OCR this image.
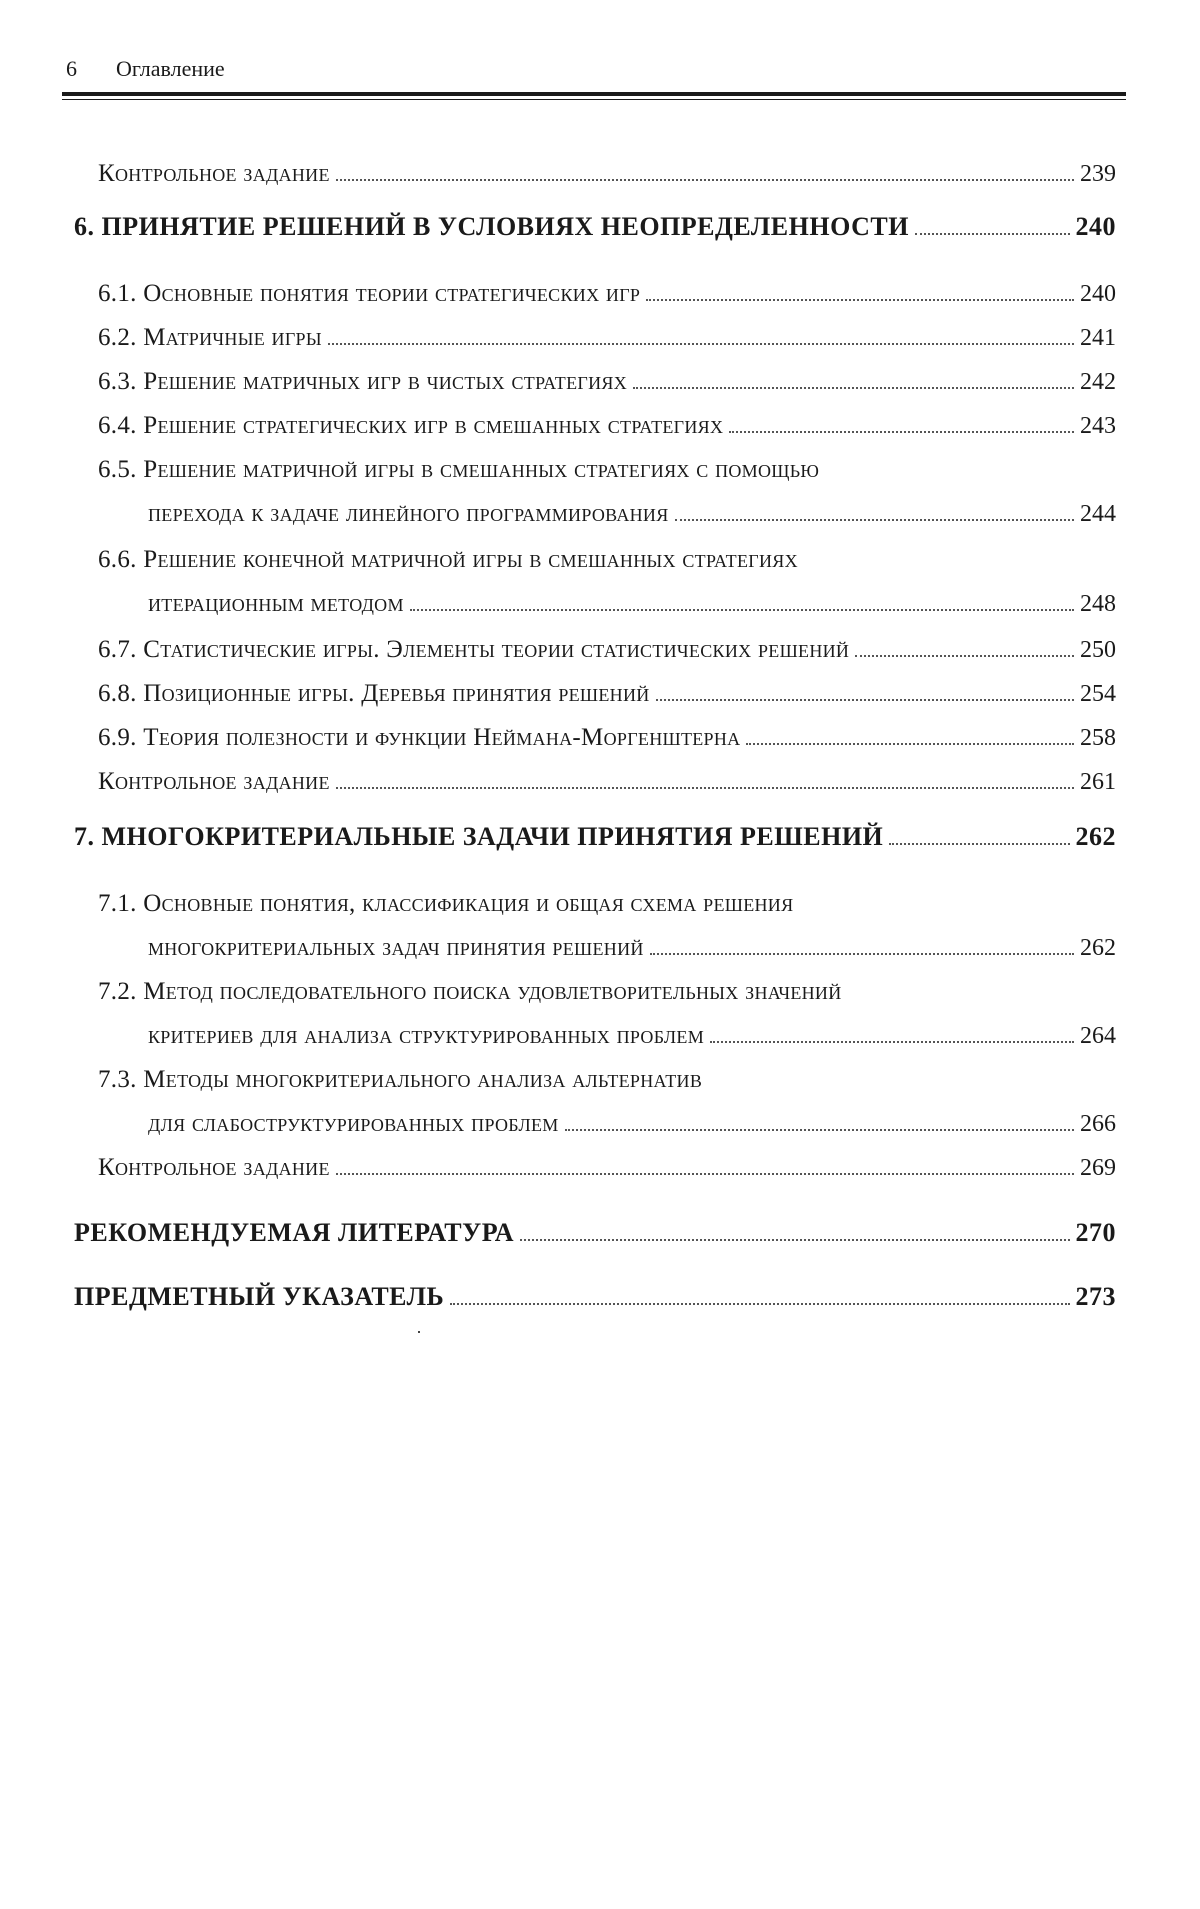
6 Оглавление
Контрольное задание	239
6. ПРИНЯТИЕ РЕШЕНИЙ В УСЛОВИЯХ НЕОПРЕДЕЛЕННОСТИ	240
6.1. Основные понятия теории стратегических игр	240
6.2. Матричные игры	241
6.3. Решение матричных игр в чистых стратегиях	242
6.4. Решение стратегических игр в смешанных стратегиях	243
6.5. Решение матричной игры в смешанных стратегиях с помощью
перехода к задаче линейного программирования	244
6.6. Решение конечной матричной игры в смешанных стратегиях
итерационным методом	248
6.7. Статистические игры. Элементы теории статистических решений	250
6.8. Позиционные игры. Деревья принятия решений	254
6.9. Теория полезности и функции Неймана-Моргенштерна	258
Контрольное задание	261
7. МНОГОКРИТЕРИАЛЬНЫЕ ЗАДАЧИ ПРИНЯТИЯ РЕШЕНИЙ	262
7.1. Основные понятия, классификация и общая схема решения
многокритериальных задач принятия решений	262
7.2. Метод последовательного поиска удовлетворительных значений
критериев для анализа структурированных проблем	264
7.3. Методы многокритериального анализа альтернатив
для слабоструктурированных проблем	266
Контрольное задание	269
РЕКОМЕНДУЕМАЯ ЛИТЕРАТУРА	270
ПРЕДМЕТНЫЙ УКАЗАТЕЛЬ	273
